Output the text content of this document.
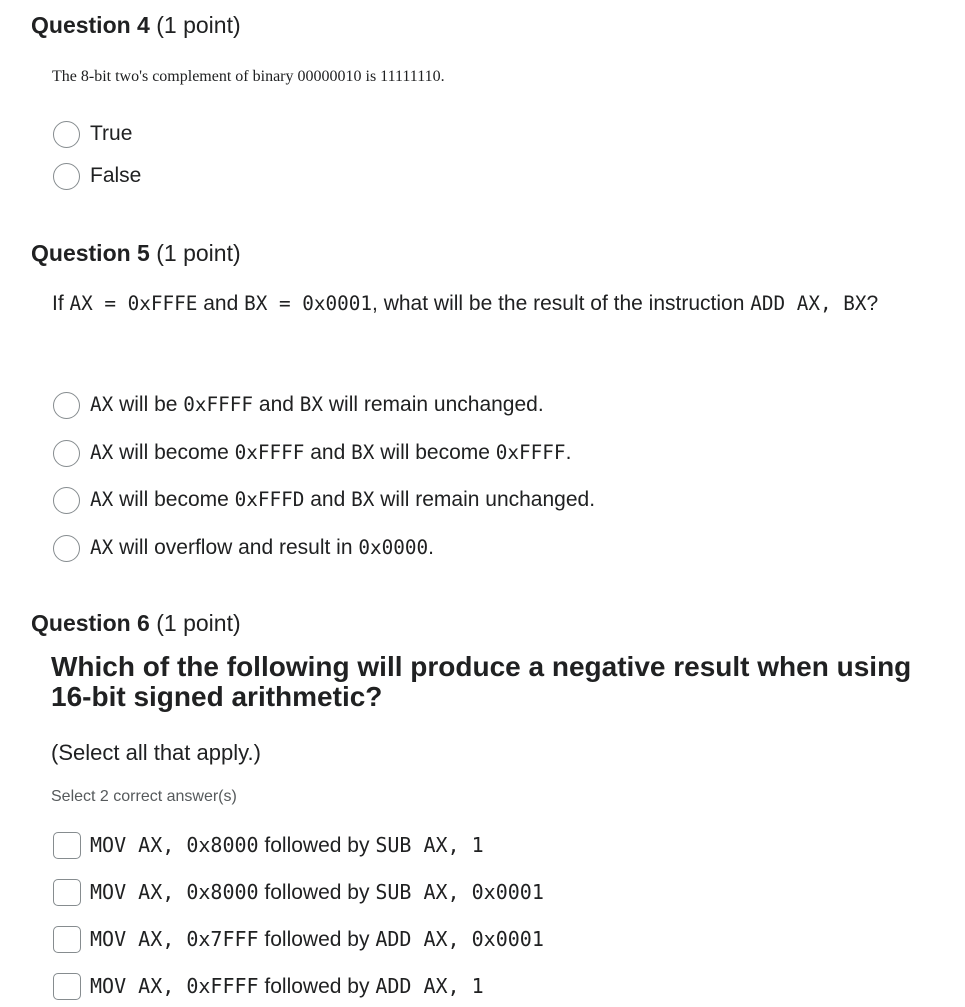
Question 4 (1 point)
The 8-bit two's complement of binary 00000010 is 11111110.
True
False
Question 5 (1 point)
If AX = 0xFFFE and BX = 0x0001, what will be the result of the instruction ADD AX, BX?
AX will be 0xFFFF and BX will remain unchanged.
AX will become 0xFFFF and BX will become 0xFFFF.
AX will become 0xFFFD and BX will remain unchanged.
AX will overflow and result in 0x0000.
Question 6 (1 point)
Which of the following will produce a negative result when using 16-bit signed arithmetic?
(Select all that apply.)
Select 2 correct answer(s)
MOV AX, 0x8000 followed by SUB AX, 1
MOV AX, 0x8000 followed by SUB AX, 0x0001
MOV AX, 0x7FFF followed by ADD AX, 0x0001
MOV AX, 0xFFFF followed by ADD AX, 1
